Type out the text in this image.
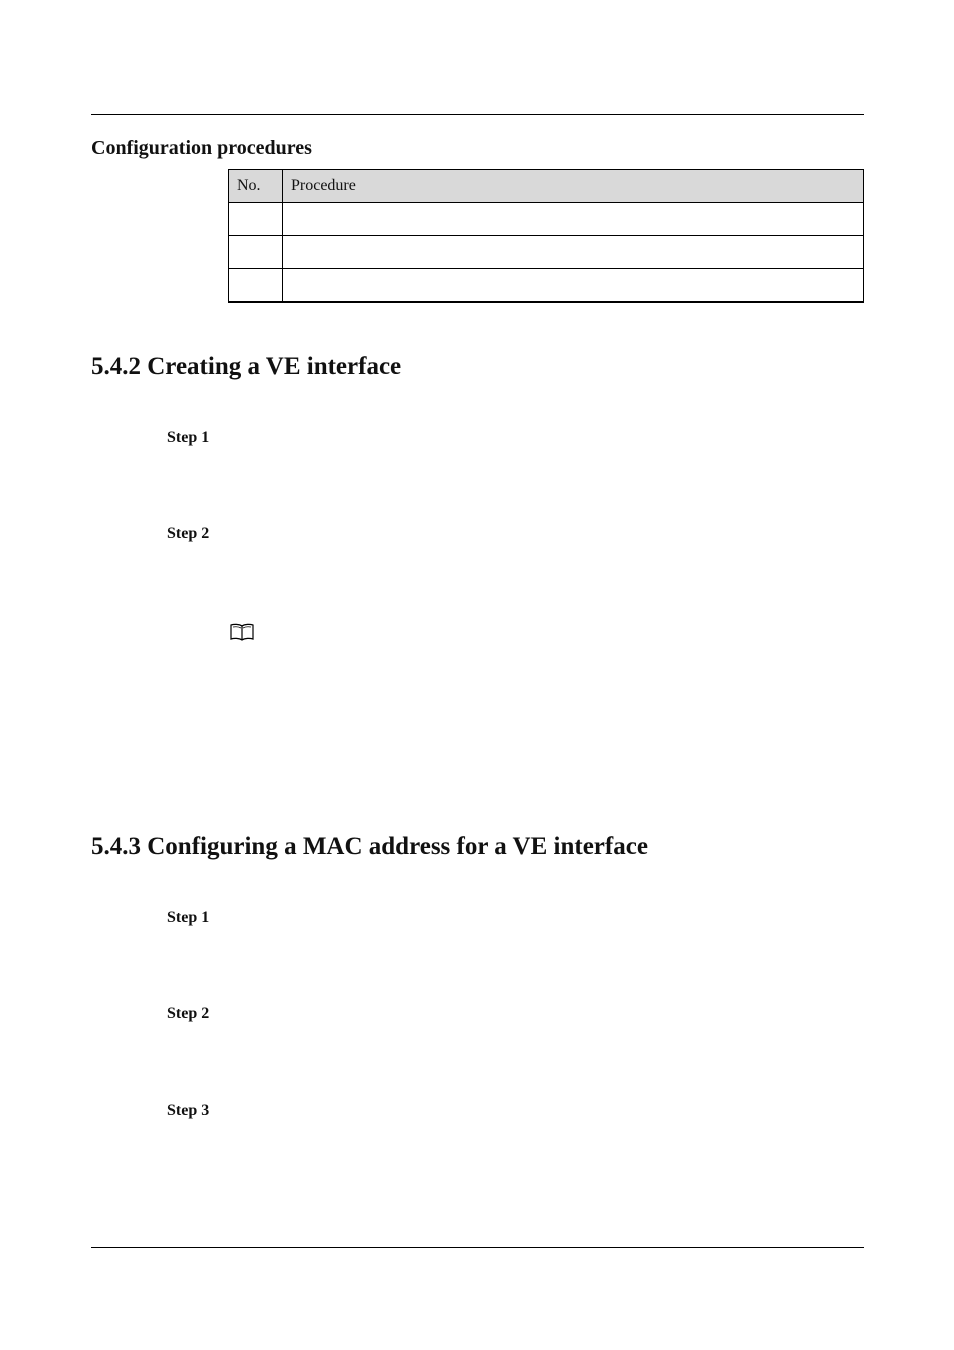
Configuration procedures
No.	Procedure

5.4.2 Creating a VE interface
Step 1
Step 2
5.4.3 Configuring a MAC address for a VE interface
Step 1
Step 2
Step 3
